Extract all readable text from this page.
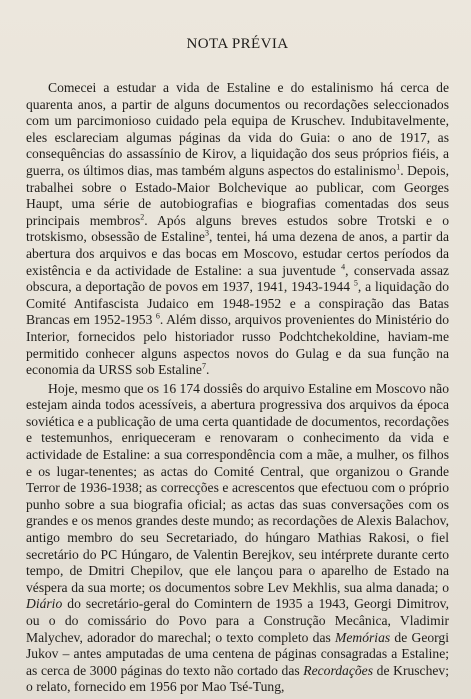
NOTA PRÉVIA

Comecei a estudar a vida de Estaline e do estalinismo há cerca de quarenta anos, a partir de alguns documentos ou recordações seleccionados com um parcimonioso cuidado pela equipa de Kruschev. Indubitavelmente, eles esclareciam algumas páginas da vida do Guia: o ano de 1917, as consequências do assassínio de Kirov, a liquidação dos seus próprios fiéis, a guerra, os últimos dias, mas também alguns aspectos do estalinismo$^1$. Depois, trabalhei sobre o Estado-Maior Bolchevique ao publicar, com Georges Haupt, uma série de autobiografias e biografias comentadas dos seus principais membros$^2$. Após alguns breves estudos sobre Trotski e o trotskismo, obsessão de Estaline$^3$, tentei, há uma dezena de anos, a partir da abertura dos arquivos e das bocas em Moscovo, estudar certos períodos da existência e da actividade de Estaline: a sua juventude $^4$, conservada assaz obscura, a deportação de povos em 1937, 1941, 1943-1944 $^5$, a liquidação do Comité Antifascista Judaico em 1948-1952 e a conspiração das Batas Brancas em 1952-1953 $^6$. Além disso, arquivos provenientes do Ministério do Interior, fornecidos pelo historiador russo Podchtchekoldine, haviam-me permitido conhecer alguns aspectos novos do Gulag e da sua função na economia da URSS sob Estaline$^7$.

Hoje, mesmo que os 16 174 dossiês do arquivo Estaline em Moscovo não estejam ainda todos acessíveis, a abertura progressiva dos arquivos da época soviética e a publicação de uma certa quantidade de documentos, recordações e testemunhos, enriqueceram e renovaram o conhecimento da vida e actividade de Estaline: a sua correspondência com a mãe, a mulher, os filhos e os lugar-tenentes; as actas do Comité Central, que organizou o Grande Terror de 1936-1938; as correcções e acrescentos que efectuou com o próprio punho sobre a sua biografia oficial; as actas das suas conversações com os grandes e os menos grandes deste mundo; as recordações de Alexis Balachov, antigo membro do seu Secretariado, do húngaro Mathias Rakosi, o fiel secretário do PC Húngaro, de Valentin Berejkov, seu intérprete durante certo tempo, de Dmitri Chepilov, que ele lançou para o aparelho de Estado na véspera da sua morte; os documentos sobre Lev Mekhlis, sua alma danada; o Diário do secretário-geral do Comintern de 1935 a 1943, Georgi Dimitrov, ou o do comissário do Povo para a Construção Mecânica, Vladimir Malychev, adorador do marechal; o texto completo das Memórias de Georgi Jukov – antes amputadas de uma centena de páginas consagradas a Estaline; as cerca de 3000 páginas do texto não cortado das Recordações de Kruschev; o relato, fornecido em 1956 por Mao Tsé-Tung,
